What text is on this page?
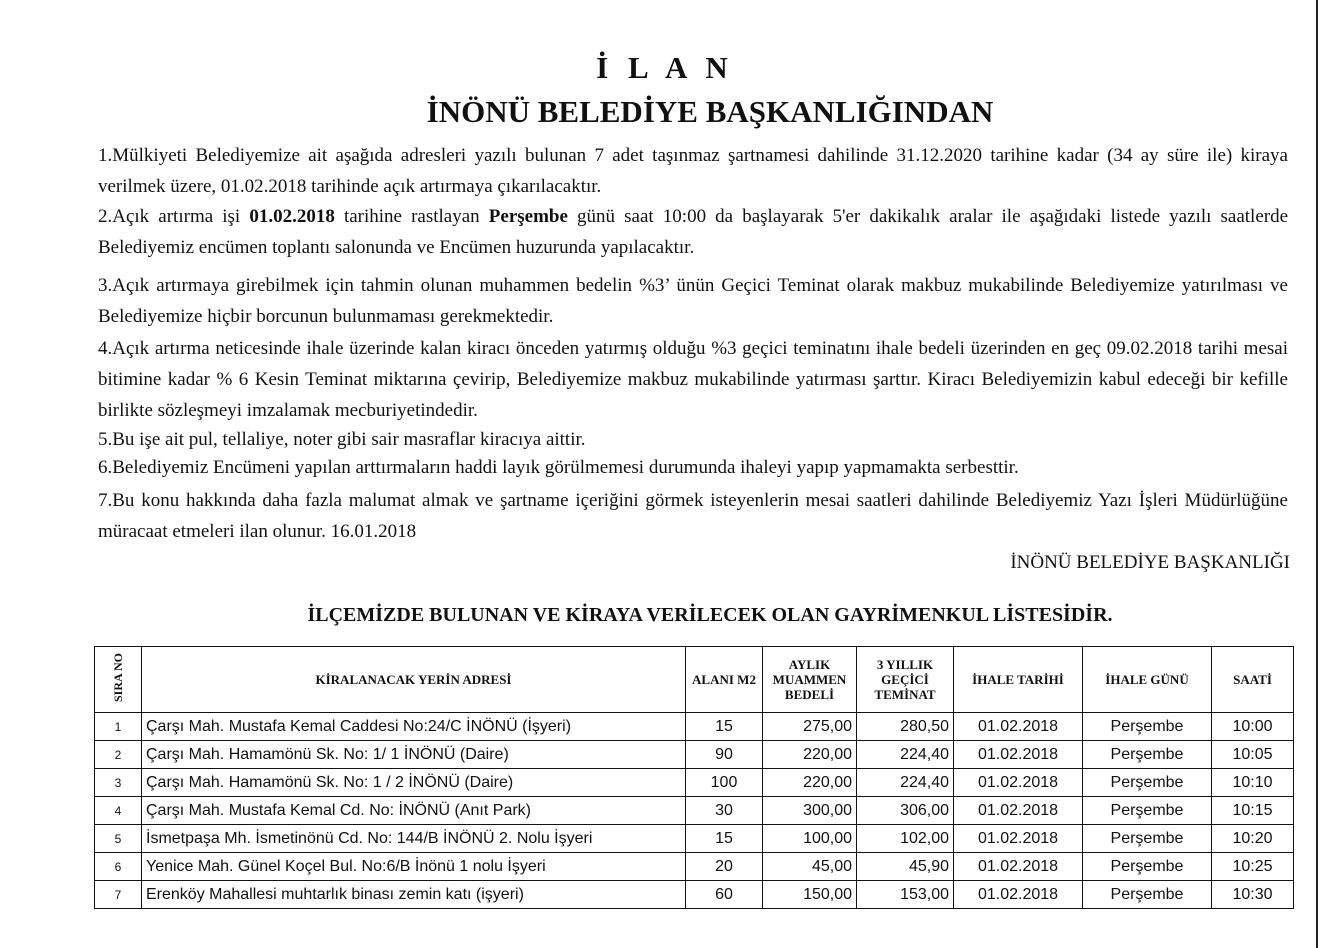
İ L A N
İNÖNÜ BELEDİYE BAŞKANLIĞINDAN
1.Mülkiyeti Belediyemize ait aşağıda adresleri yazılı bulunan 7 adet taşınmaz şartnamesi dahilinde 31.12.2020 tarihine kadar (34 ay süre ile) kiraya verilmek üzere, 01.02.2018 tarihinde açık artırmaya çıkarılacaktır.
2.Açık artırma işi 01.02.2018 tarihine rastlayan Perşembe günü saat 10:00 da başlayarak 5'er dakikalık aralar ile aşağıdaki listede yazılı saatlerde Belediyemiz encümen toplantı salonunda ve Encümen huzurunda yapılacaktır.
3.Açık artırmaya girebilmek için tahmin olunan muhammen bedelin %3’ ünün Geçici Teminat olarak makbuz mukabilinde Belediyemize yatırılması ve Belediyemize hiçbir borcunun bulunmaması gerekmektedir.
4.Açık artırma neticesinde ihale üzerinde kalan kiracı önceden yatırmış olduğu %3 geçici teminatını ihale bedeli üzerinden en geç 09.02.2018 tarihi mesai bitimine kadar % 6 Kesin Teminat miktarına çevirip, Belediyemize makbuz mukabilinde yatırması şarttır. Kiracı Belediyemizin kabul edeceği bir kefille birlikte sözleşmeyi imzalamak mecburiyetindedir.
5.Bu işe ait pul, tellaliye, noter gibi sair masraflar kiracıya aittir.
6.Belediyemiz Encümeni yapılan arttırmaların haddi layık görülmemesi durumunda ihaleyi yapıp yapmamakta serbesttir.
7.Bu konu hakkında daha fazla malumat almak ve şartname içeriğini görmek isteyenlerin mesai saatleri dahilinde Belediyemiz Yazı İşleri Müdürlüğüne müracaat etmeleri ilan olunur. 16.01.2018
İNÖNÜ BELEDİYE BAŞKANLIĞI
İLÇEMİZDE BULUNAN VE KİRAYA VERİLECEK OLAN GAYRİMENKUL LİSTESİDİR.
SIRA NO	KİRALANACAK YERİN ADRESİ	ALANI M2	AYLIK MUAMMEN BEDELİ	3 YILLIK GEÇİCİ TEMİNAT	İHALE TARİHİ	İHALE GÜNÜ	SAATİ
1	Çarşı Mah. Mustafa Kemal Caddesi No:24/C İNÖNÜ (İşyeri)	15	275,00	280,50	01.02.2018	Perşembe	10:00
2	Çarşı Mah. Hamamönü Sk. No: 1/ 1 İNÖNÜ (Daire)	90	220,00	224,40	01.02.2018	Perşembe	10:05
3	Çarşı Mah. Hamamönü Sk. No: 1 / 2 İNÖNÜ (Daire)	100	220,00	224,40	01.02.2018	Perşembe	10:10
4	Çarşı Mah. Mustafa Kemal Cd. No: İNÖNÜ (Anıt Park)	30	300,00	306,00	01.02.2018	Perşembe	10:15
5	İsmetpaşa Mh. İsmetinönü Cd. No: 144/B İNÖNÜ 2. Nolu İşyeri	15	100,00	102,00	01.02.2018	Perşembe	10:20
6	Yenice Mah. Günel Koçel Bul. No:6/B İnönü 1 nolu İşyeri	20	45,00	45,90	01.02.2018	Perşembe	10:25
7	Erenköy Mahallesi muhtarlık binası zemin katı (işyeri)	60	150,00	153,00	01.02.2018	Perşembe	10:30
